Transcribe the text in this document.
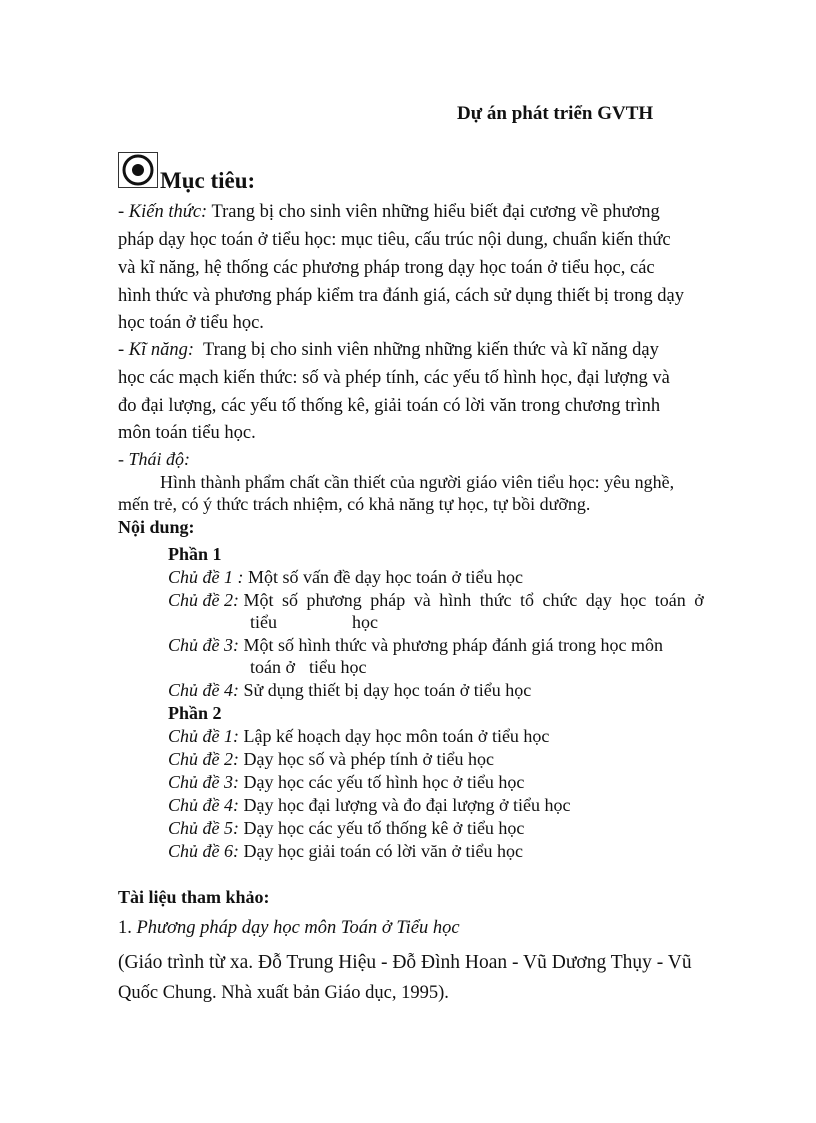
Dự án phát triển GVTH
Mục tiêu:
- Kiến thức: Trang bị cho sinh viên những hiểu biết đại cương về phương
pháp dạy học toán ở tiểu học: mục tiêu, cấu trúc nội dung, chuẩn kiến thức
và kĩ năng, hệ thống các phương pháp trong dạy học toán ở tiểu học, các
hình thức và phương pháp kiểm tra đánh giá, cách sử dụng thiết bị trong dạy
học toán ở tiểu học.
- Kĩ năng: Trang bị cho sinh viên những những kiến thức và kĩ năng dạy
học các mạch kiến thức: số và phép tính, các yếu tố hình học, đại lượng và
đo đại lượng, các yếu tố thống kê, giải toán có lời văn trong chương trình
môn toán tiểu học.
- Thái độ:
Hình thành phẩm chất cần thiết của người giáo viên tiểu học: yêu nghề,
mến trẻ, có ý thức trách nhiệm, có khả năng tự học, tự bồi dưỡng.
Nội dung:
Phần 1
Chủ đề 1 : Một số vấn đề dạy học toán ở tiểu học
Chủ đề 2: Một số phương pháp và hình thức tổ chức dạy học toán ở
tiểu	học
Chủ đề 3: Một số hình thức và phương pháp đánh giá trong học môn
toán ở tiểu học
Chủ đề 4: Sử dụng thiết bị dạy học toán ở tiểu học
Phần 2
Chủ đề 1: Lập kế hoạch dạy học môn toán ở tiểu học
Chủ đề 2: Dạy học số và phép tính ở tiểu học
Chủ đề 3: Dạy học các yếu tố hình học ở tiểu học
Chủ đề 4: Dạy học đại lượng và đo đại lượng ở tiểu học
Chủ đề 5: Dạy học các yếu tố thống kê ở tiểu học
Chủ đề 6: Dạy học giải toán có lời văn ở tiểu học
Tài liệu tham khảo:
1. Phương pháp dạy học môn Toán ở Tiểu học
(Giáo trình từ xa. Đỗ Trung Hiệu - Đỗ Đình Hoan - Vũ Dương Thụy - Vũ
Quốc Chung. Nhà xuất bản Giáo dục, 1995).
